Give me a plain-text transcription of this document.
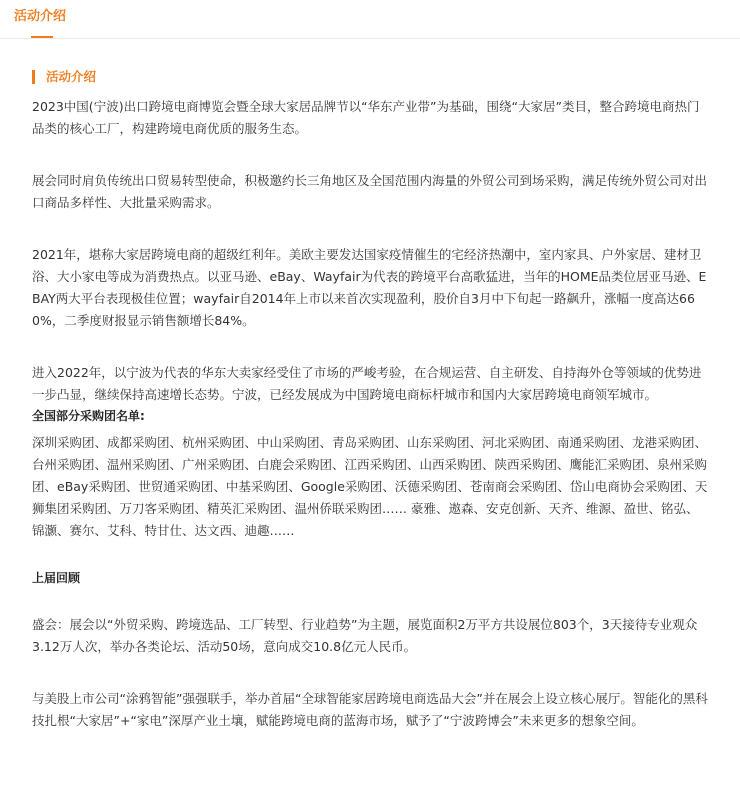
活动介绍
活动介绍

2023中国(宁波)出口跨境电商博览会暨全球大家居品牌节以“华东产业带”为基础，围绕“大家居”类目，整合跨境电商热门品类的核心工厂，构建跨境电商优质的服务生态。

展会同时肩负传统出口贸易转型使命，积极邀约长三角地区及全国范围内海量的外贸公司到场采购，满足传统外贸公司对出口商品多样性、大批量采购需求。

2021年，堪称大家居跨境电商的超级红利年。美欧主要发达国家疫情催生的宅经济热潮中，室内家具、户外家居、建材卫浴、大小家电等成为消费热点。以亚马逊、eBay、Wayfair为代表的跨境平台高歌猛进，当年的HOME品类位居亚马逊、EBAY两大平台表现极佳位置；wayfair自2014年上市以来首次实现盈利，股价自3月中下旬起一路飙升，涨幅一度高达660%，二季度财报显示销售额增长84%。

进入2022年，以宁波为代表的华东大卖家经受住了市场的严峻考验，在合规运营、自主研发、自持海外仓等领域的优势进一步凸显，继续保持高速增长态势。宁波，已经发展成为中国跨境电商标杆城市和国内大家居跨境电商领军城市。

全国部分采购团名单:

深圳采购团、成都采购团、杭州采购团、中山采购团、青岛采购团、山东采购团、河北采购团、南通采购团、龙港采购团、台州采购团、温州采购团、广州采购团、白鹿会采购团、江西采购团、山西采购团、陕西采购团、鹰能汇采购团、泉州采购团、eBay采购团、世贸通采购团、中基采购团、Google采购团、沃德采购团、苍南商会采购团、岱山电商协会采购团、天狮集团采购团、万刀客采购团、精英汇采购团、温州侨联采购团…… 豪雅、遨森、安克创新、天齐、维源、盈世、铭弘、锦灏、赛尔、艾科、特甘仕、达文西、迪趣……

上届回顾

盛会：展会以“外贸采购、跨境选品、工厂转型、行业趋势”为主题，展览面积2万平方共设展位803个，3天接待专业观众3.12万人次，举办各类论坛、活动50场，意向成交10.8亿元人民币。

与美股上市公司“涂鸦智能”强强联手，举办首届“全球智能家居跨境电商选品大会”并在展会上设立核心展厅。智能化的黑科技扎根“大家居”+“家电”深厚产业土壤，赋能跨境电商的蓝海市场，赋予了“宁波跨博会”未来更多的想象空间。
